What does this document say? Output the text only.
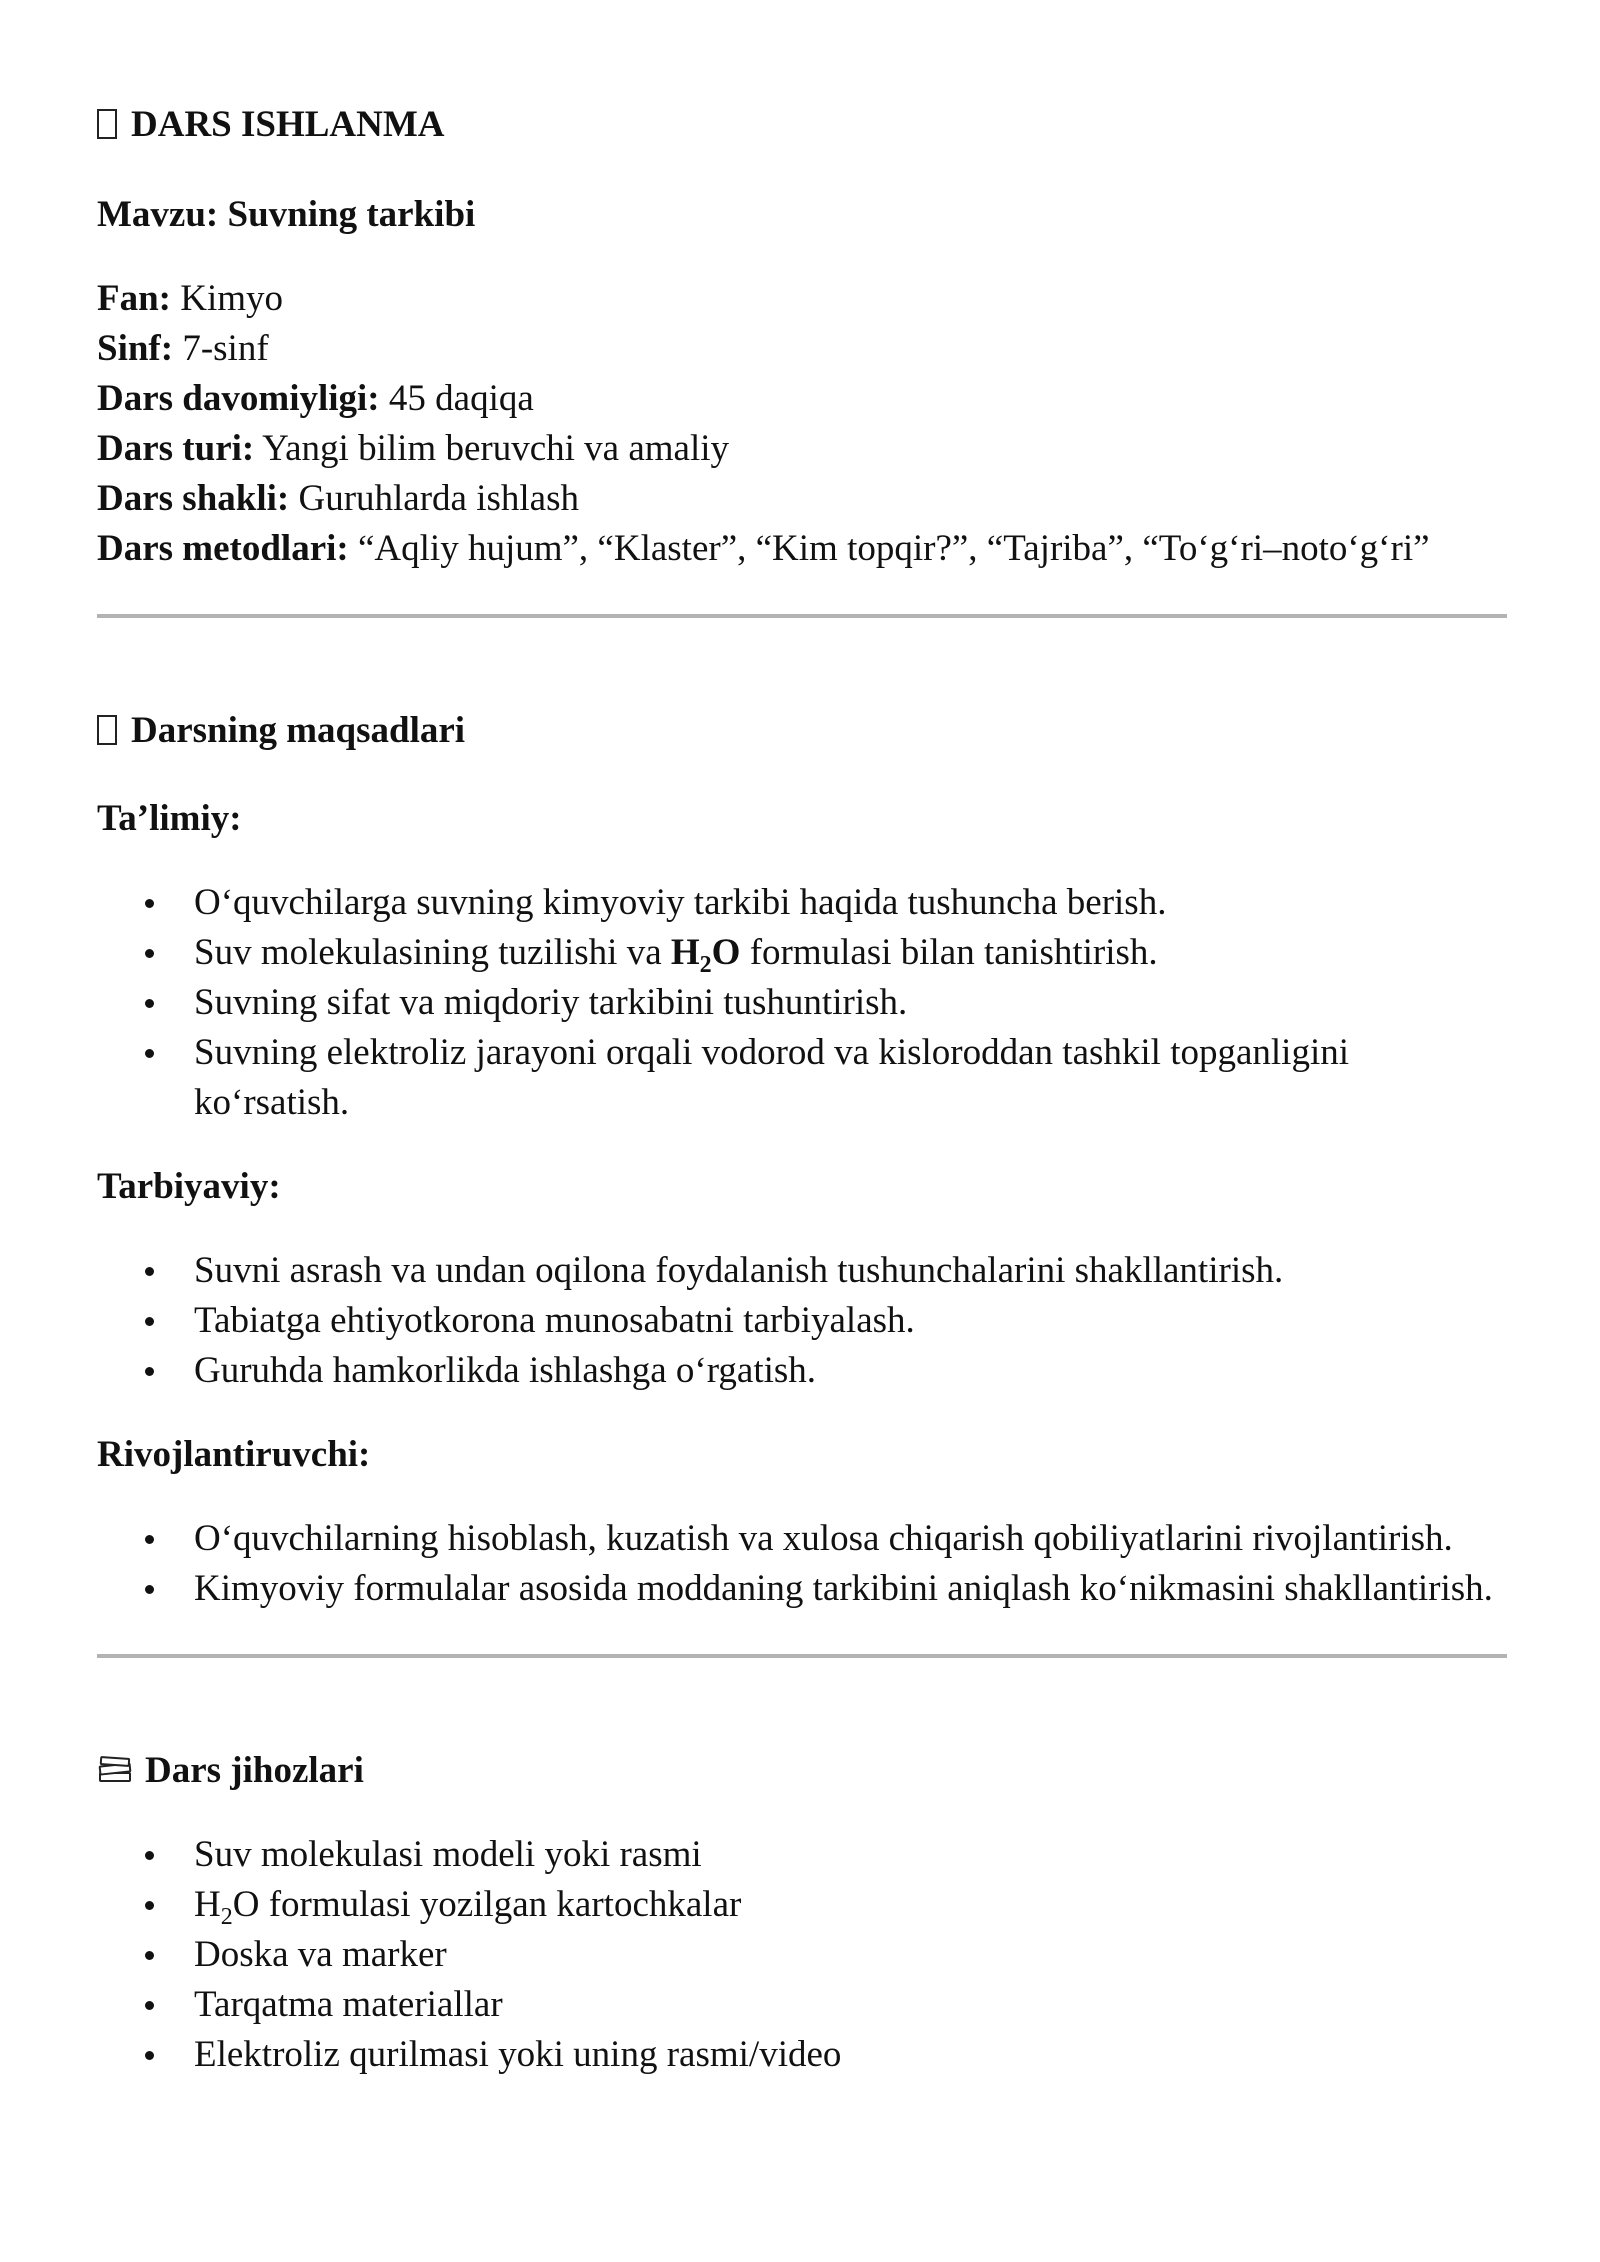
DARS ISHLANMA

Mavzu: Suvning tarkibi

Fan: Kimyo

Sinf: 7-sinf

Dars davomiyligi: 45 daqiqa

Dars turi: Yangi bilim beruvchi va amaliy

Dars shakli: Guruhlarda ishlash

Dars metodlari: “Aqliy hujum”, “Klaster”, “Kim topqir?”, “Tajriba”, “To‘g‘ri–noto‘g‘ri”

Darsning maqsadlari

Ta’limiy:

O‘quvchilarga suvning kimyoviy tarkibi haqida tushuncha berish.
Suv molekulasining tuzilishi va $H_2O$ formulasi bilan tanishtirish.
Suvning sifat va miqdoriy tarkibini tushuntirish.
Suvning elektroliz jarayoni orqali vodorod va kisloroddan tashkil topganligini ko‘rsatish.

Tarbiyaviy:

Suvni asrash va undan oqilona foydalanish tushunchalarini shakllantirish.
Tabiatga ehtiyotkorona munosabatni tarbiyalash.
Guruhda hamkorlikda ishlashga o‘rgatish.

Rivojlantiruvchi:

O‘quvchilarning hisoblash, kuzatish va xulosa chiqarish qobiliyatlarini rivojlantirish.
Kimyoviy formulalar asosida moddaning tarkibini aniqlash ko‘nikmasini shakllantirish.

Dars jihozlari

Suv molekulasi modeli yoki rasmi
$H_2O$ formulasi yozilgan kartochkalar
Doska va marker
Tarqatma materiallar
Elektroliz qurilmasi yoki uning rasmi/video
